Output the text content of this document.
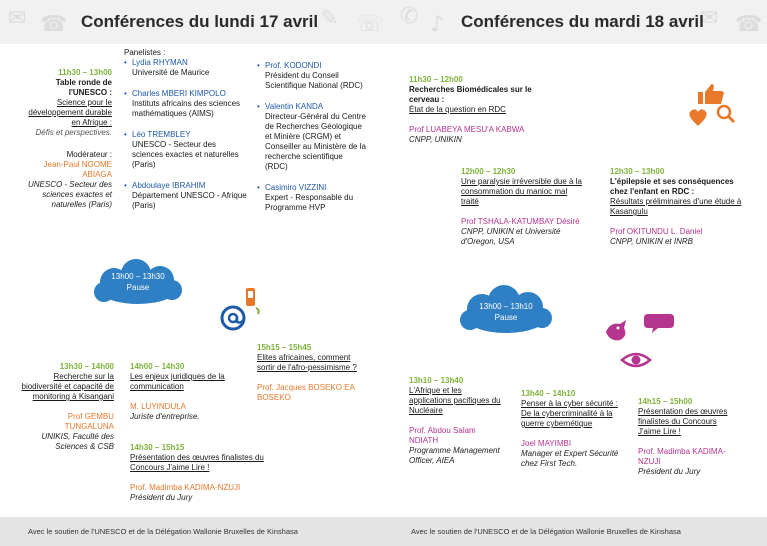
✉ ☎	✎ ☏ ✆ ♪	✉ ☎
Avec le soutien de l'UNESCO et de la Délégation Wallonie Bruxelles de Kinshasa	Avec le soutien de l'UNESCO et de la Délégation Wallonie Bruxelles de Kinshasa
Conférences du lundi 17 avril	Conférences du mardi 18 avril
11h30 – 13h00
Table ronde de l'UNESCO :
Science pour le développement durable en Afrique :
Défis et perspectives.
Modérateur :
Jean-Paul NGOME ABIAGA
UNESCO - Secteur des sciences exactes et naturelles (Paris)
Panelistes :
• Lydia RHYMAN
Université de Maurice
• Charles MBERI KIMPOLO
Instituts africains des sciences mathématiques (AIMS)
• Léo TREMBLEY
UNESCO - Secteur des sciences exactes et naturelles (Paris)
• Abdoulaye IBRAHIM
Département UNESCO - Afrique (Paris)
• Prof. KODONDI
Président du Conseil Scientifique National (RDC)
• Valentin KANDA
Directeur-Général du Centre de Recherches Géologique et Minière (CRGM) et Conseiller au Ministère de la recherche scientifique (RDC)
• Casimiro VIZZINI
Expert - Responsable du Programme HVP
13h00 – 13h30
Pause
13h30 – 14h00
Recherche sur la biodiversité et capacité de monitoring à Kisangani
Prof GEMBU TUNGALUNA
UNIKIS, Faculté des Sciences & CSB
14h00 – 14h30
Les enjeux juridiques de la communication
M. LUYINDULA
Juriste d'entreprise.
14h30 – 15h15
Présentation des œuvres finalistes du Concours J'aime Lire !
Prof. Madimba KADIMA-NZUJI
Président du Jury
15h15 – 15h45
Elites africaines, comment sortir de l'afro-pessimisme ?
Prof. Jacques BOSEKO EA BOSEKO
11h30 – 12h00
Recherches Biomédicales sur le cerveau :
État de la question en RDC
Prof LUABEYA MESU'A KABWA
CNPP, UNIKIN
12h00 – 12h30
Une paralysie irréversible due à la consommation du manioc mal traité
Prof TSHALA-KATUMBAY Désiré
CNPP, UNIKIN et Université d'Oregon, USA
12h30 – 13h00
L'épilepsie et ses conséquences chez l'enfant en RDC :
Résultats préliminaires d'une étude à Kasangulu
Prof OKITUNDU L. Daniel
CNPP, UNIKIN et INRB
13h00 – 13h10
Pause
13h10 – 13h40
L'Afrique et les applications pacifiques du Nucléaire
Prof. Abdou Salam NDIATH
Programme Management Officer, AIEA
13h40 – 14h10
Penser à la cyber sécurité : De la cybercriminalité à la guerre cybernétique
Joel MAYIMBI
Manager et Expert Sécurité chez First Tech.
14h15 – 15h00
Présentation des œuvres finalistes du Concours J'aime Lire !
Prof. Madimba KADIMA-NZUJI
Président du Jury
